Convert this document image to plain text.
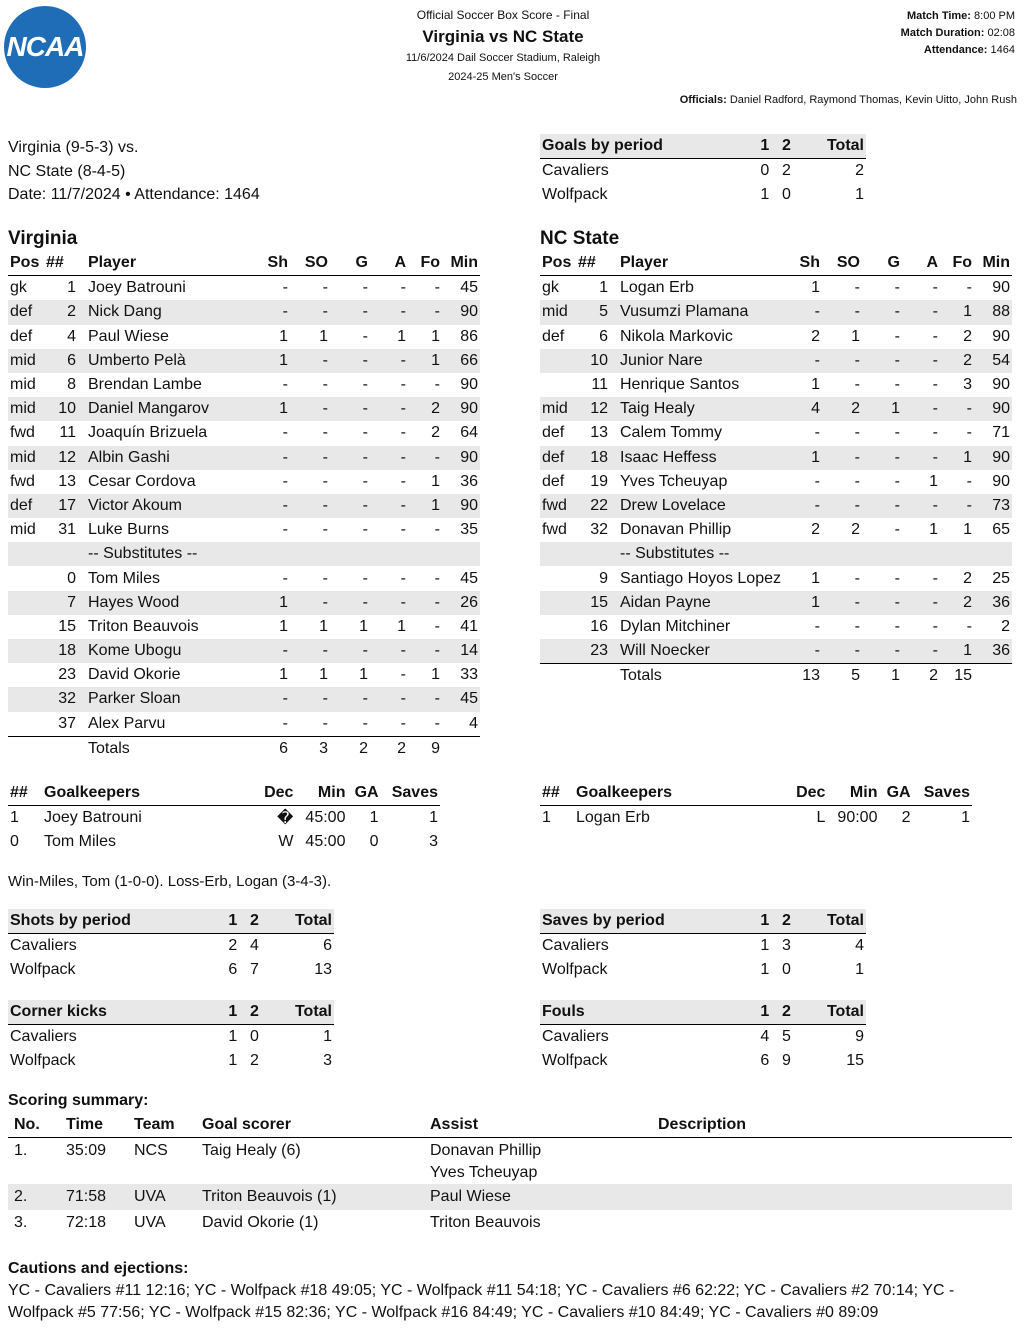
NCAA
®
Official Soccer Box Score - Final
Virginia vs NC State
11/6/2024 Dail Soccer Stadium, Raleigh
2024-25 Men's Soccer
Match Time: 8:00 PM
Match Duration: 02:08
Attendance: 1464
Officials: Daniel Radford, Raymond Thomas, Kevin Uitto, John Rush
Virginia (9-5-3) vs.
NC State (8-4-5)
Date: 11/7/2024 • Attendance: 1464
Goals by period	1	2	Total
Cavaliers	0	2	2
Wolfpack	1	0	1
Virginia	NC State
Pos	##	Player	Sh	SO	G	A	Fo	Min
gk	1	Joey Batrouni	-	-	-	-	-	45
def	2	Nick Dang	-	-	-	-	-	90
def	4	Paul Wiese	1	1	-	1	1	86
mid	6	Umberto Pelà	1	-	-	-	1	66
mid	8	Brendan Lambe	-	-	-	-	-	90
mid	10	Daniel Mangarov	1	-	-	-	2	90
fwd	11	Joaquín Brizuela	-	-	-	-	2	64
mid	12	Albin Gashi	-	-	-	-	-	90
fwd	13	Cesar Cordova	-	-	-	-	1	36
def	17	Victor Akoum	-	-	-	-	1	90
mid	31	Luke Burns	-	-	-	-	-	35
		-- Substitutes --						
	0	Tom Miles	-	-	-	-	-	45
	7	Hayes Wood	1	-	-	-	-	26
	15	Triton Beauvois	1	1	1	1	-	41
	18	Kome Ubogu	-	-	-	-	-	14
	23	David Okorie	1	1	1	-	1	33
	32	Parker Sloan	-	-	-	-	-	45
	37	Alex Parvu	-	-	-	-	-	4
		Totals	6	3	2	2	9	
Pos	##	Player	Sh	SO	G	A	Fo	Min
gk	1	Logan Erb	1	-	-	-	-	90
mid	5	Vusumzi Plamana	-	-	-	-	1	88
def	6	Nikola Markovic	2	1	-	-	2	90
	10	Junior Nare	-	-	-	-	2	54
	11	Henrique Santos	1	-	-	-	3	90
mid	12	Taig Healy	4	2	1	-	-	90
def	13	Calem Tommy	-	-	-	-	-	71
def	18	Isaac Heffess	1	-	-	-	1	90
def	19	Yves Tcheuyap	-	-	-	1	-	90
fwd	22	Drew Lovelace	-	-	-	-	-	73
fwd	32	Donavan Phillip	2	2	-	1	1	65
		-- Substitutes --						
	9	Santiago Hoyos Lopez	1	-	-	-	2	25
	15	Aidan Payne	1	-	-	-	2	36
	16	Dylan Mitchiner	-	-	-	-	-	2
	23	Will Noecker	-	-	-	-	1	36
		Totals	13	5	1	2	15	
##	Goalkeepers	Dec	Min	GA	Saves
1	Joey Batrouni	�	45:00	1	1
0	Tom Miles	W	45:00	0	3
##	Goalkeepers	Dec	Min	GA	Saves
1	Logan Erb	L	90:00	2	1
Win-Miles, Tom (1-0-0). Loss-Erb, Logan (3-4-3).
Shots by period	1	2	Total
Cavaliers	2	4	6
Wolfpack	6	7	13
Saves by period	1	2	Total
Cavaliers	1	3	4
Wolfpack	1	0	1
Corner kicks	1	2	Total
Cavaliers	1	0	1
Wolfpack	1	2	3
Fouls	1	2	Total
Cavaliers	4	5	9
Wolfpack	6	9	15
Scoring summary:
No.	Time	Team	Goal scorer	Assist	Description
1.	35:09	NCS	Taig Healy (6)	Donavan Phillip
Yves Tcheuyap	

2.	71:58	UVA	Triton Beauvois (1)	Paul Wiese	

3.	72:18	UVA	David Okorie (1)	Triton Beauvois	

Cautions and ejections:
YC - Cavaliers #11 12:16; YC - Wolfpack #18 49:05; YC - Wolfpack #11 54:18; YC - Cavaliers #6 62:22; YC - Cavaliers #2 70:14; YC - Wolfpack #5 77:56; YC - Wolfpack #15 82:36; YC - Wolfpack #16 84:49; YC - Cavaliers #10 84:49; YC - Cavaliers #0 89:09
